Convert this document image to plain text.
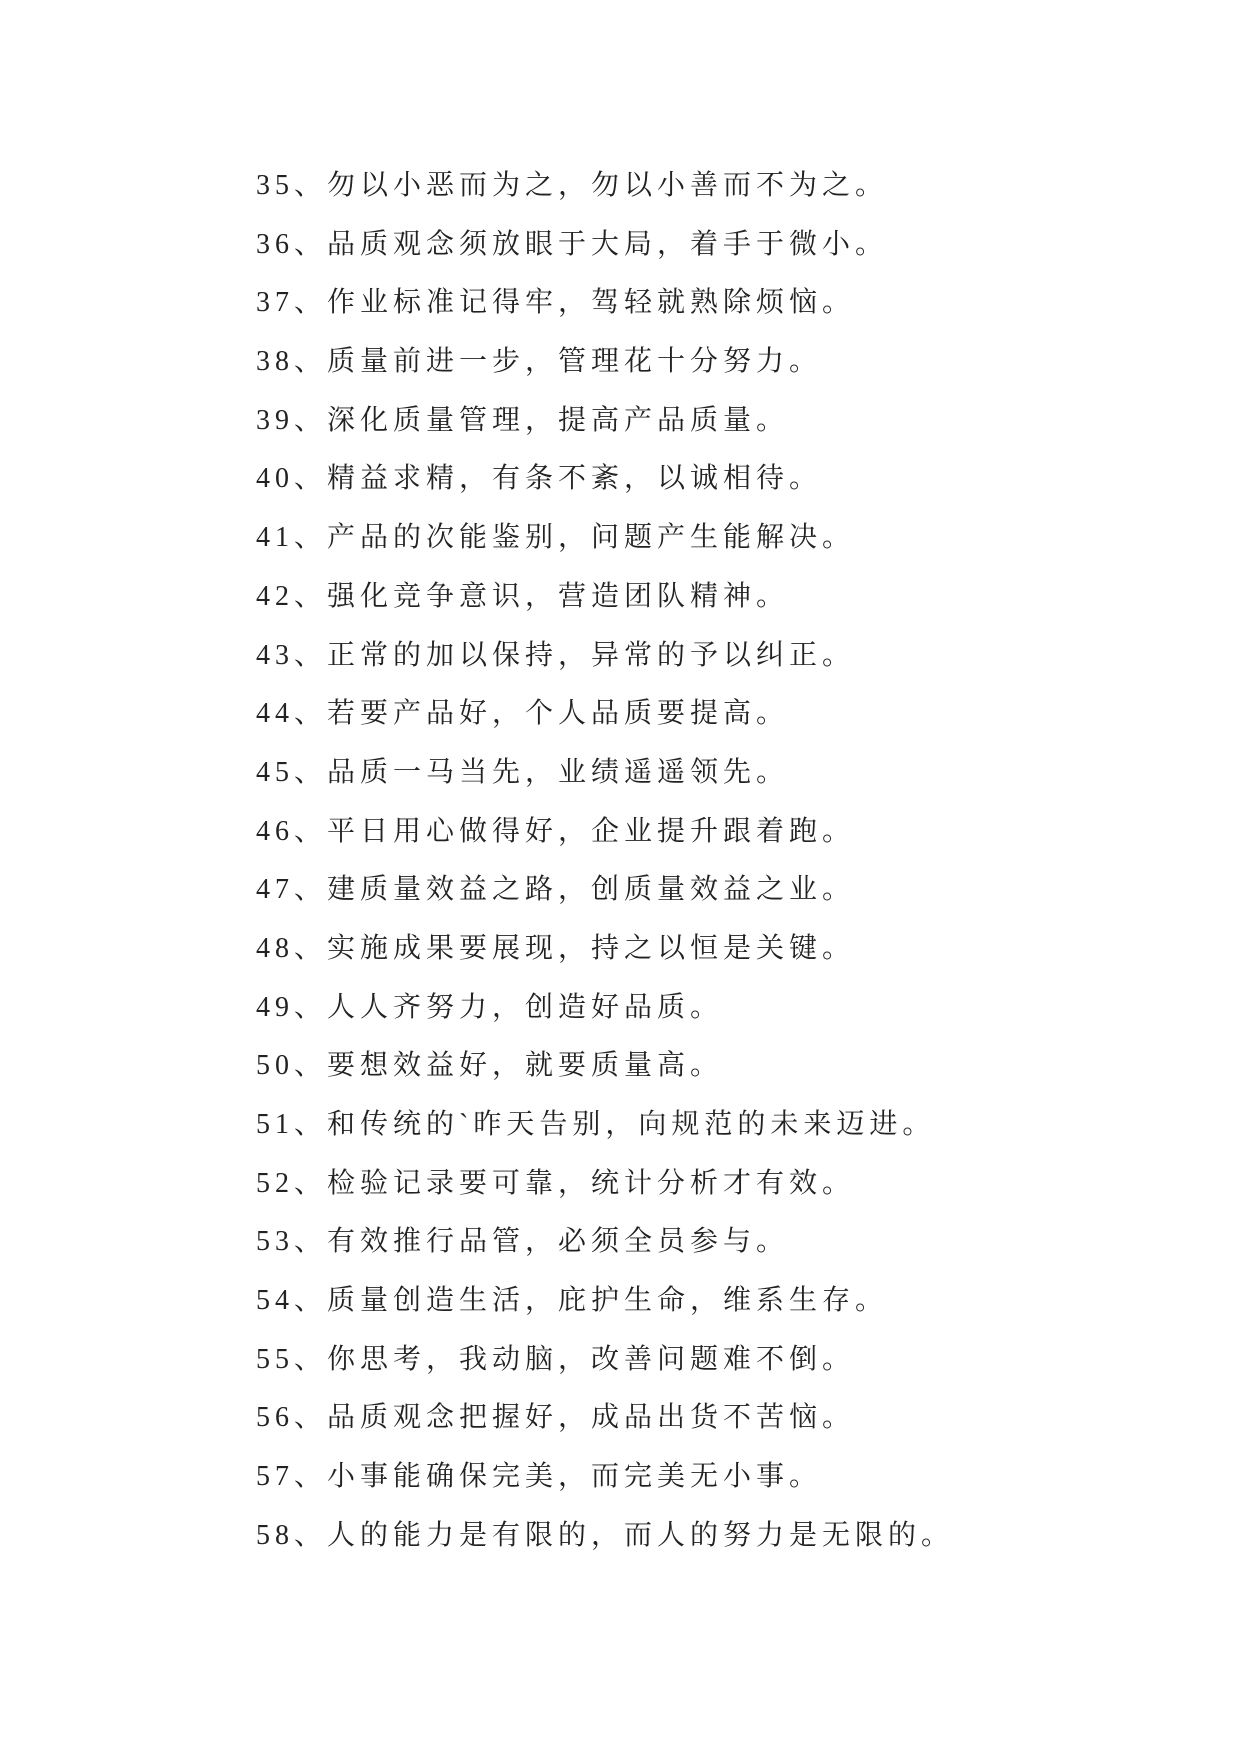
35、勿以小恶而为之，勿以小善而不为之。

36、品质观念须放眼于大局，着手于微小。

37、作业标准记得牢，驾轻就熟除烦恼。

38、质量前进一步，管理花十分努力。

39、深化质量管理，提高产品质量。

40、精益求精，有条不紊，以诚相待。

41、产品的次能鉴别，问题产生能解决。

42、强化竞争意识，营造团队精神。

43、正常的加以保持，异常的予以纠正。

44、若要产品好，个人品质要提高。

45、品质一马当先，业绩遥遥领先。

46、平日用心做得好，企业提升跟着跑。

47、建质量效益之路，创质量效益之业。

48、实施成果要展现，持之以恒是关键。

49、人人齐努力，创造好品质。

50、要想效益好，就要质量高。

51、和传统的`昨天告别，向规范的未来迈进。

52、检验记录要可靠，统计分析才有效。

53、有效推行品管，必须全员参与。

54、质量创造生活，庇护生命，维系生存。

55、你思考，我动脑，改善问题难不倒。

56、品质观念把握好，成品出货不苦恼。

57、小事能确保完美，而完美无小事。

58、人的能力是有限的，而人的努力是无限的。
